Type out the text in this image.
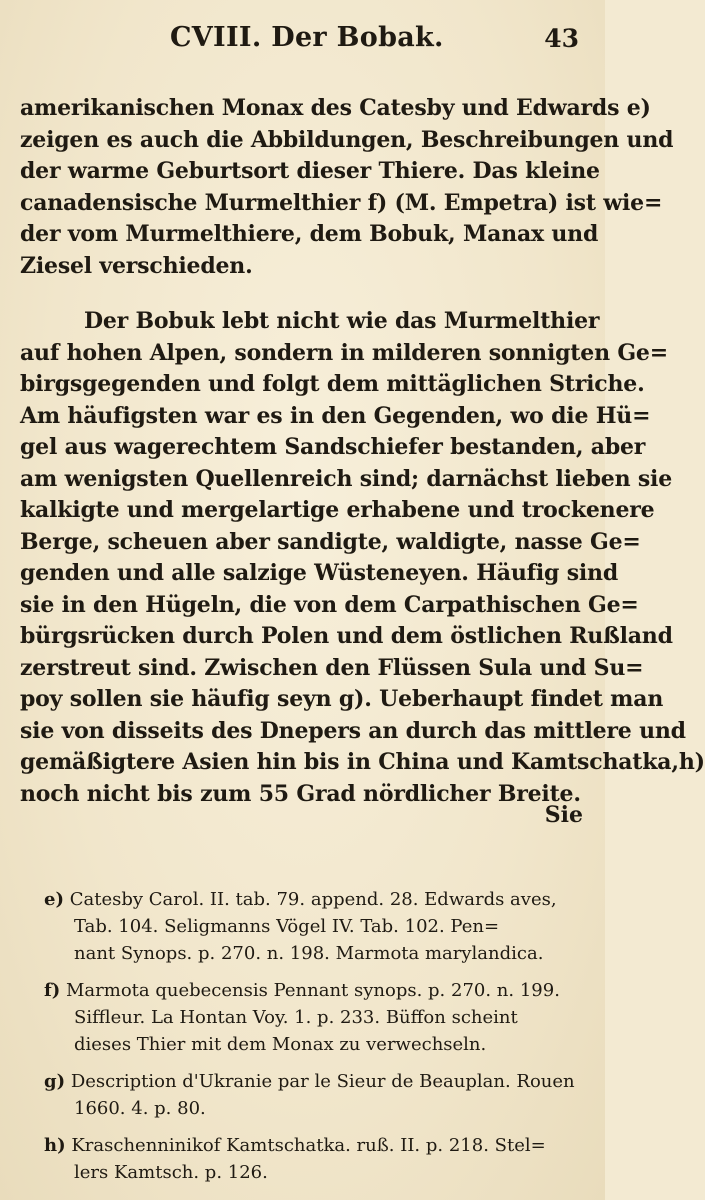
CVIII. Der Bobak.	43
amerikanischen Monax des Catesby und Edwards e)
zeigen es auch die Abbildungen, Beschreibungen und
der warme Geburtsort dieser Thiere. Das kleine
canadensische Murmelthier f) (M. Empetra) ist wie=
der vom Murmelthiere, dem Bobuk, Manax und
Ziesel verschieden.
Der Bobuk lebt nicht wie das Murmelthier
auf hohen Alpen, sondern in milderen sonnigten Ge=
birgsgegenden und folgt dem mittäglichen Striche.
Am häufigsten war es in den Gegenden, wo die Hü=
gel aus wagerechtem Sandschiefer bestanden, aber
am wenigsten Quellenreich sind; darnächst lieben sie
kalkigte und mergelartige erhabene und trockenere
Berge, scheuen aber sandigte, waldigte, nasse Ge=
genden und alle salzige Wüsteneyen. Häufig sind
sie in den Hügeln, die von dem Carpathischen Ge=
bürgsrücken durch Polen und dem östlichen Rußland
zerstreut sind. Zwischen den Flüssen Sula und Su=
poy sollen sie häufig seyn g). Ueberhaupt findet man
sie von disseits des Dnepers an durch das mittlere und
gemäßigtere Asien hin bis in China und Kamtschatka,h)
noch nicht bis zum 55 Grad nördlicher Breite.
Sie
e) Catesby Carol. II. tab. 79. append. 28. Edwards aves,
Tab. 104. Seligmanns Vögel IV. Tab. 102. Pen=
nant Synops. p. 270. n. 198. Marmota marylandica.
f) Marmota quebecensis Pennant synops. p. 270. n. 199.
Siffleur. La Hontan Voy. 1. p. 233. Büffon scheint
dieses Thier mit dem Monax zu verwechseln.
g) Description d'Ukranie par le Sieur de Beauplan. Rouen
1660. 4. p. 80.
h) Kraschenninikof Kamtschatka. ruß. II. p. 218. Stel=
lers Kamtsch. p. 126.
